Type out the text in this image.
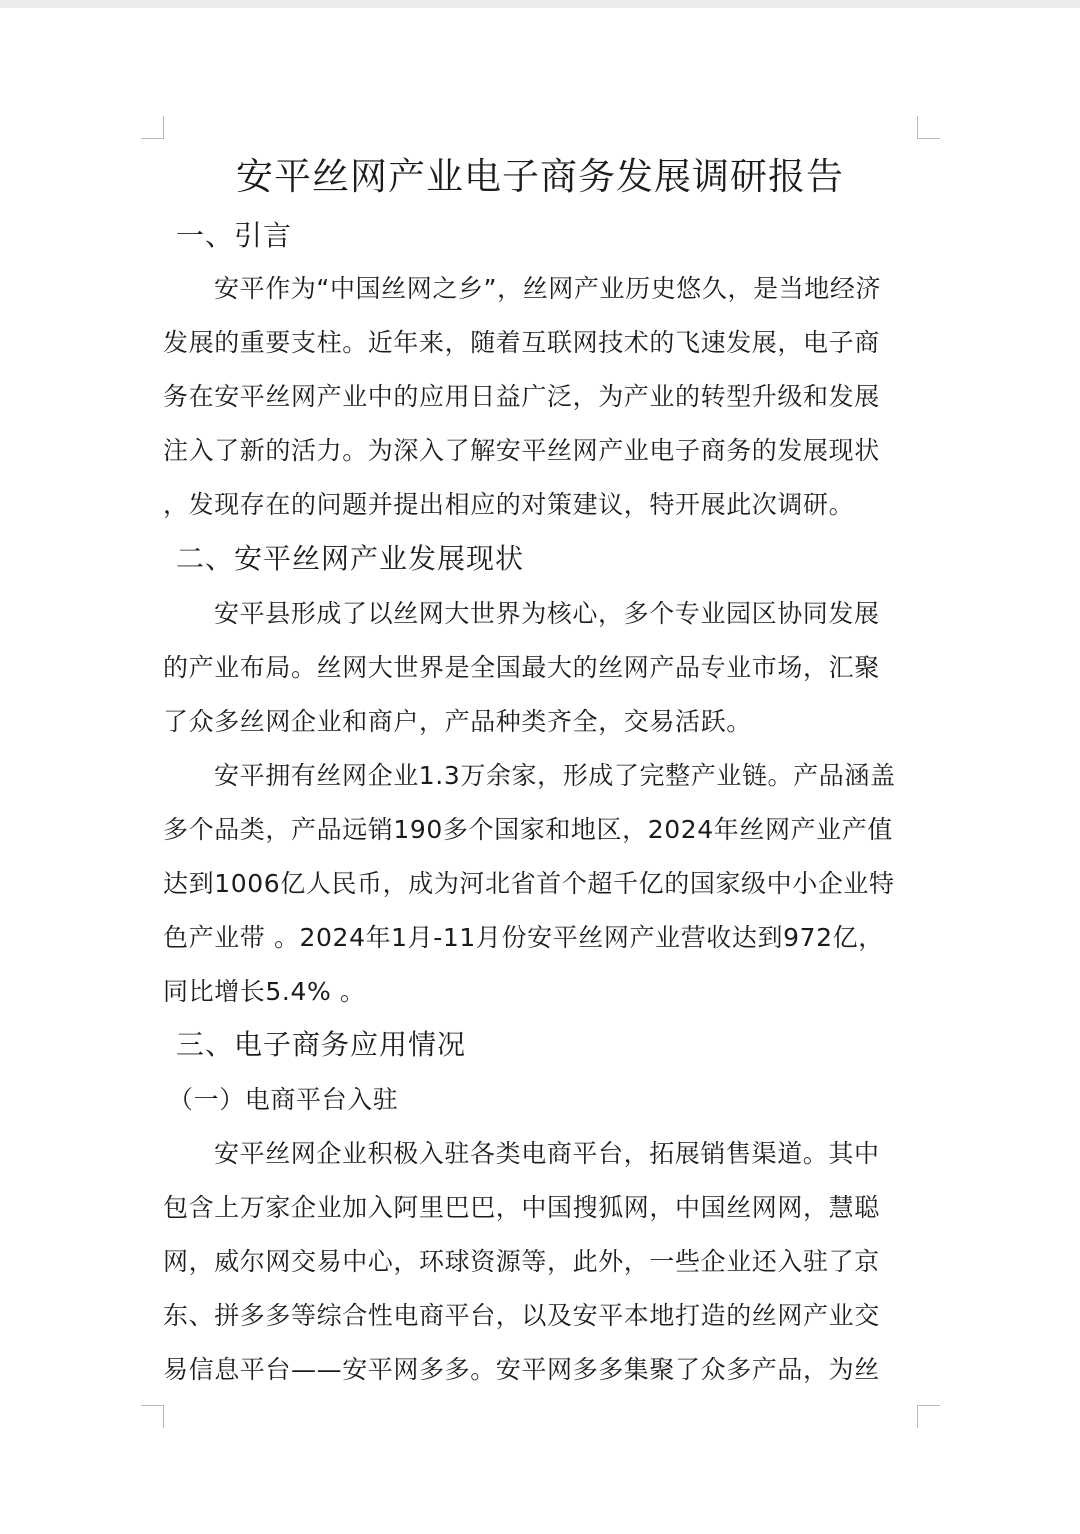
安平丝网产业电子商务发展调研报告
一、引言
安平作为“中国丝网之乡”，丝网产业历史悠久，是当地经济
发展的重要支柱。近年来，随着互联网技术的飞速发展，电子商
务在安平丝网产业中的应用日益广泛，为产业的转型升级和发展
注入了新的活力。为深入了解安平丝网产业电子商务的发展现状
，发现存在的问题并提出相应的对策建议，特开展此次调研。
二、安平丝网产业发展现状
安平县形成了以丝网大世界为核心，多个专业园区协同发展
的产业布局。丝网大世界是全国最大的丝网产品专业市场，汇聚
了众多丝网企业和商户，产品种类齐全，交易活跃。
安平拥有丝网企业1.3万余家，形成了完整产业链。产品涵盖
多个品类，产品远销190多个国家和地区，2024年丝网产业产值
达到1006亿人民币，成为河北省首个超千亿的国家级中小企业特
色产业带 。2024年1月-11月份安平丝网产业营收达到972亿，
同比增长5.4% 。
三、电子商务应用情况
（一）电商平台入驻
安平丝网企业积极入驻各类电商平台，拓展销售渠道。其中
包含上万家企业加入阿里巴巴，中国搜狐网，中国丝网网，慧聪
网，威尔网交易中心，环球资源等，此外，一些企业还入驻了京
东、拼多多等综合性电商平台，以及安平本地打造的丝网产业交
易信息平台——安平网多多。安平网多多集聚了众多产品，为丝
